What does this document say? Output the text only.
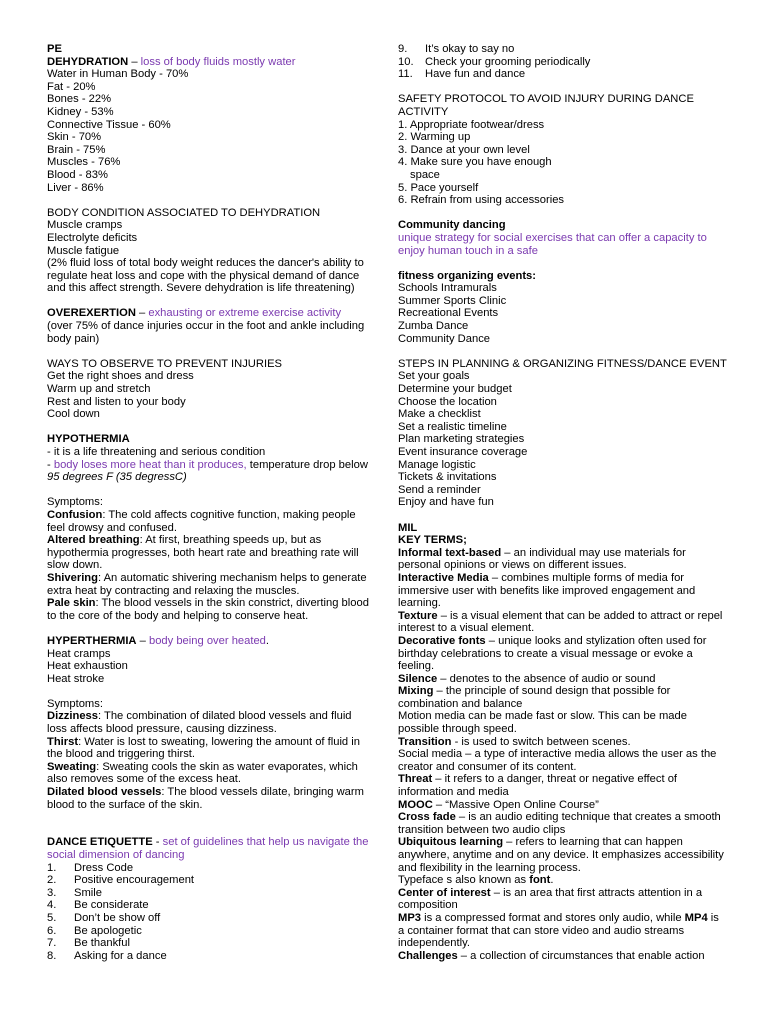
PE

DEHYDRATION – loss of body fluids mostly water

Water in Human Body - 70%

Fat - 20%

Bones - 22%

Kidney - 53%

Connective Tissue - 60%

Skin - 70%

Brain - 75%

Muscles - 76%

Blood - 83%

Liver - 86%

BODY CONDITION ASSOCIATED TO DEHYDRATION

Muscle cramps

Electrolyte deficits

Muscle fatigue

(2% fluid loss of total body weight reduces the dancer's ability to regulate heat loss and cope with the physical demand of dance and this affect strength. Severe dehydration is life threatening)

OVEREXERTION – exhausting or extreme exercise activity

(over 75% of dance injuries occur in the foot and ankle including body pain)

WAYS TO OBSERVE TO PREVENT INJURIES

Get the right shoes and dress

Warm up and stretch

Rest and listen to your body

Cool down

HYPOTHERMIA

- it is a life threatening and serious condition

- body loses more heat than it produces, temperature drop below 95 degrees F (35 degressC)

Symptoms:

Confusion: The cold affects cognitive function, making people feel drowsy and confused.

Altered breathing: At first, breathing speeds up, but as hypothermia progresses, both heart rate and breathing rate will slow down.

Shivering: An automatic shivering mechanism helps to generate extra heat by contracting and relaxing the muscles.

Pale skin: The blood vessels in the skin constrict, diverting blood to the core of the body and helping to conserve heat.

HYPERTHERMIA – body being over heated.

Heat cramps

Heat exhaustion

Heat stroke

Symptoms:

Dizziness: The combination of dilated blood vessels and fluid loss affects blood pressure, causing dizziness.

Thirst: Water is lost to sweating, lowering the amount of fluid in the blood and triggering thirst.

Sweating: Sweating cools the skin as water evaporates, which also removes some of the excess heat.

Dilated blood vessels: The blood vessels dilate, bringing warm blood to the surface of the skin.

DANCE ETIQUETTE - set of guidelines that help us navigate the social dimension of dancing

1.	Dress Code

2.	Positive encouragement

3.	Smile

4.	Be considerate

5.	Don’t be show off

6.	Be apologetic

7.	Be thankful

8.	Asking for a dance

9.	It’s okay to say no

10.	Check your grooming periodically

11.	Have fun and dance

SAFETY PROTOCOL TO AVOID INJURY DURING DANCE ACTIVITY

1. Appropriate footwear/dress

2. Warming up

3. Dance at your own level

4. Make sure you have enough

space

5. Pace yourself

6. Refrain from using accessories

Community dancing

unique strategy for social exercises that can offer a capacity to enjoy human touch in a safe

fitness organizing events:

Schools Intramurals

Summer Sports Clinic

Recreational Events

Zumba Dance

Community Dance

STEPS IN PLANNING & ORGANIZING FITNESS/DANCE EVENT

Set your goals

Determine your budget

Choose the location

Make a checklist

Set a realistic timeline

Plan marketing strategies

Event insurance coverage

Manage logistic

Tickets & invitations

Send a reminder

Enjoy and have fun

MIL

KEY TERMS;

Informal text-based – an individual may use materials for personal opinions or views on different issues.

Interactive Media – combines multiple forms of media for immersive user with benefits like improved engagement and learning.

Texture – is a visual element that can be added to attract or repel interest to a visual element.

Decorative fonts – unique looks and stylization often used for birthday celebrations to create a visual message or evoke a feeling.

Silence – denotes to the absence of audio or sound

Mixing – the principle of sound design that possible for combination and balance

Motion media can be made fast or slow. This can be made possible through speed.

Transition - is used to switch between scenes.

Social media – a type of interactive media allows the user as the creator and consumer of its content.

Threat – it refers to a danger, threat or negative effect of information and media

MOOC – “Massive Open Online Course”

Cross fade – is an audio editing technique that creates a smooth transition between two audio clips

Ubiquitous learning – refers to learning that can happen anywhere, anytime and on any device. It emphasizes accessibility and flexibility in the learning process.

Typeface s also known as font.

Center of interest – is an area that first attracts attention in a composition

MP3 is a compressed format and stores only audio, while MP4 is a container format that can store video and audio streams independently.

Challenges – a collection of circumstances that enable action
